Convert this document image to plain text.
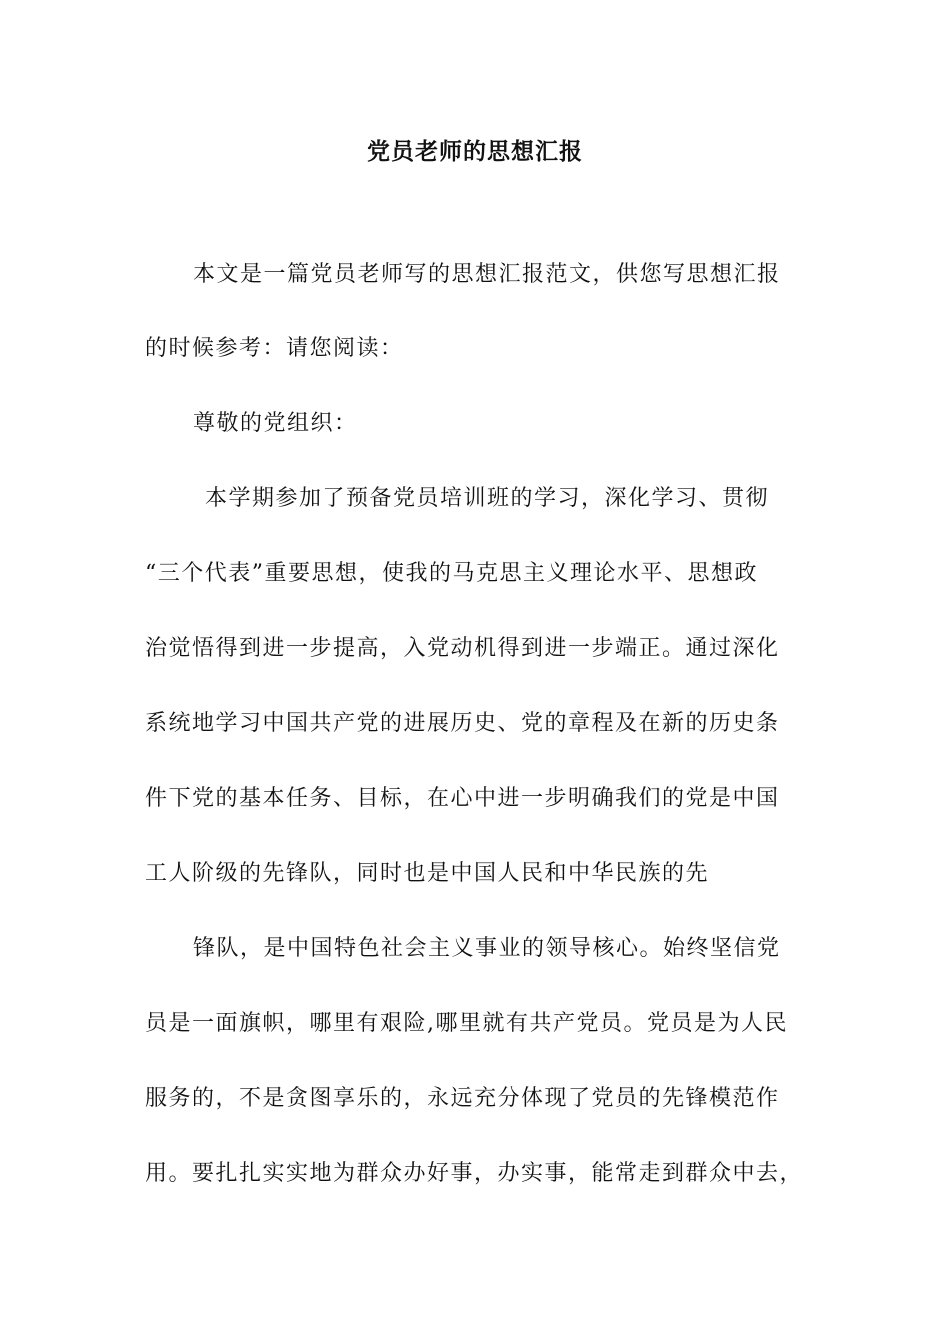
党员老师的思想汇报
本文是一篇党员老师写的思想汇报范文，供您写思想汇报
的时候参考：请您阅读：
尊敬的党组织：
本学期参加了预备党员培训班的学习，深化学习、贯彻
“三个代表”重要思想，使我的马克思主义理论水平、思想政
治觉悟得到进一步提高，入党动机得到进一步端正。通过深化
系统地学习中国共产党的进展历史、党的章程及在新的历史条
件下党的基本任务、目标，在心中进一步明确我们的党是中国
工人阶级的先锋队，同时也是中国人民和中华民族的先
锋队，是中国特色社会主义事业的领导核心。始终坚信党
员是一面旗帜，哪里有艰险,哪里就有共产党员。党员是为人民
服务的，不是贪图享乐的，永远充分体现了党员的先锋模范作
用。要扎扎实实地为群众办好事，办实事，能常走到群众中去，
